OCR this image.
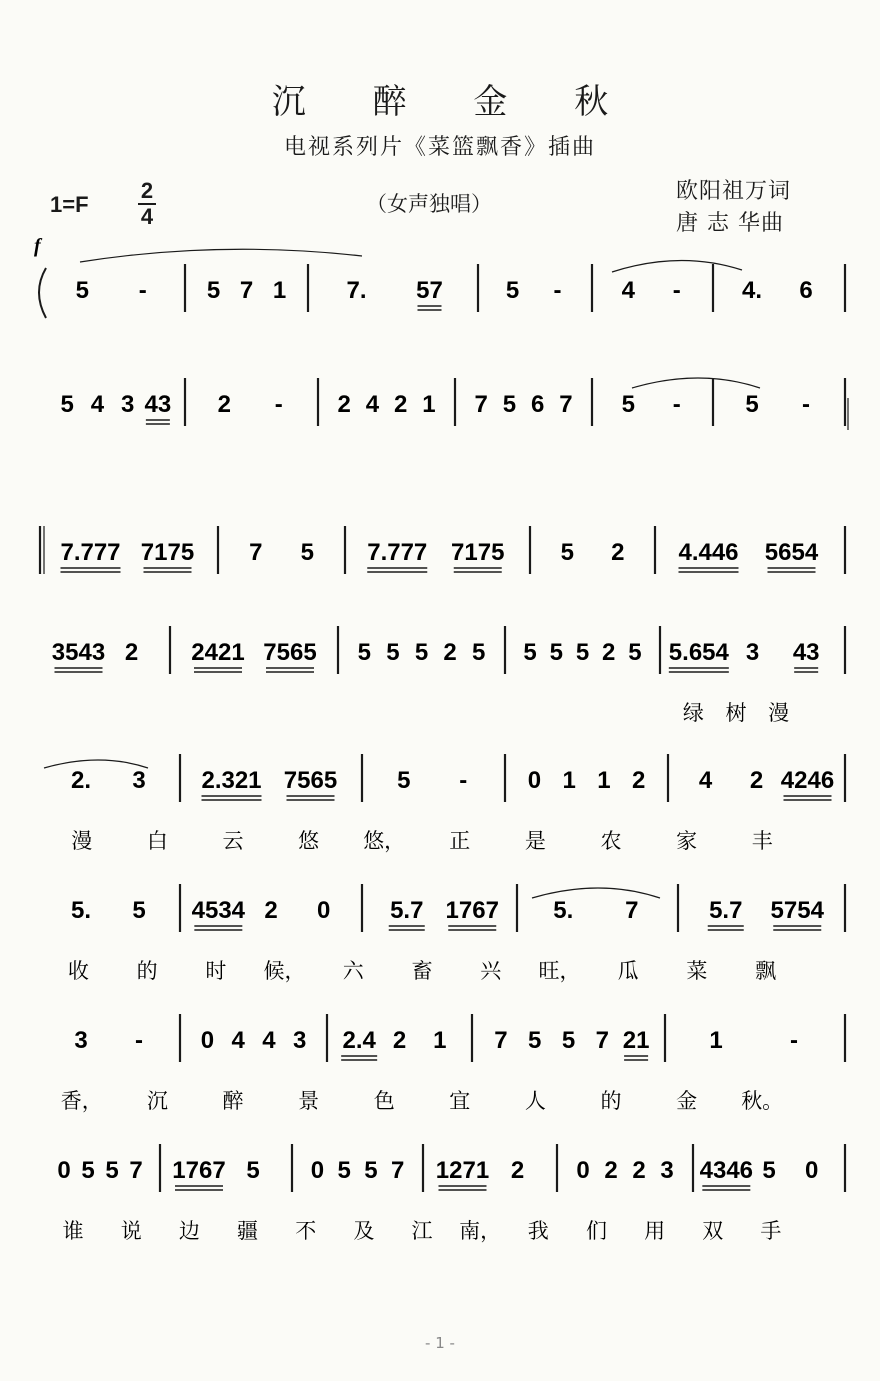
沉 醉 金 秋
电视系列片《菜篮飘香》插曲
1=F
2
4	（女声独唱）	欧阳祖万词
唐 志 华曲
f
5 -	5 7 1	7. 57	5 -	4 -	4. 6
5 4 3 43 2 - 2 4 2 1 7 5 6 7 5 -	5 -
7.777 7175 7 5 7.777 7175 5 2 4.446 5654
3543 2 2421 7565 5 5 5 2 5 5 5 5 2 5 5.654 3 43
绿 树 漫
2. 3 2.321 7565 5 -	0 1 1 2 4 2 4246
漫	白	云	悠 悠， 正	是	农	家	丰
5. 5 4534 2 0 5.7 1767 5. 7	5.7 5754
收 的 时 候， 六 畜 兴 旺， 瓜 菜 飘
3 - 0 4 4 3 2.4 2 1 7 5 5 7 21 1	-
香， 沉	醉	景	色	宜	人	的	金 秋。
0 5 5 7 1767 5 0 5 5 7 1271 2 0 2 2 3 4346 5 0
谁 说 边 疆 不 及 江 南， 我 们 用 双 手
- 1 -
